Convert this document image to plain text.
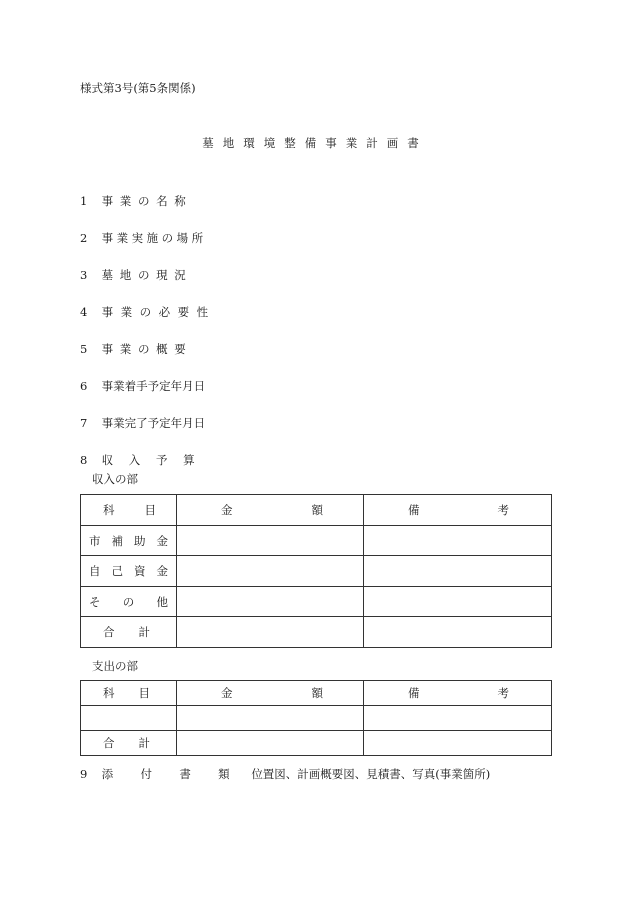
様式第3号(第5条関係)
墓地環境整備事業計画書
1 事 業 の 名 称
2 事業実施の場所
3 墓 地 の 現 況
4 事業の必要性
5 事 業 の 概 要
6 事業着手予定年月日
7 事業完了予定年月日
8 収 入 予 算
収入の部
科 目	金 額	備 考

市 補 助 金		

自 己 資 金		

そ の 他		

合 計		

支出の部
科 目	金 額	備 考

合 計		

9 添 付 書 類 位置図、計画概要図、見積書、写真(事業箇所)
